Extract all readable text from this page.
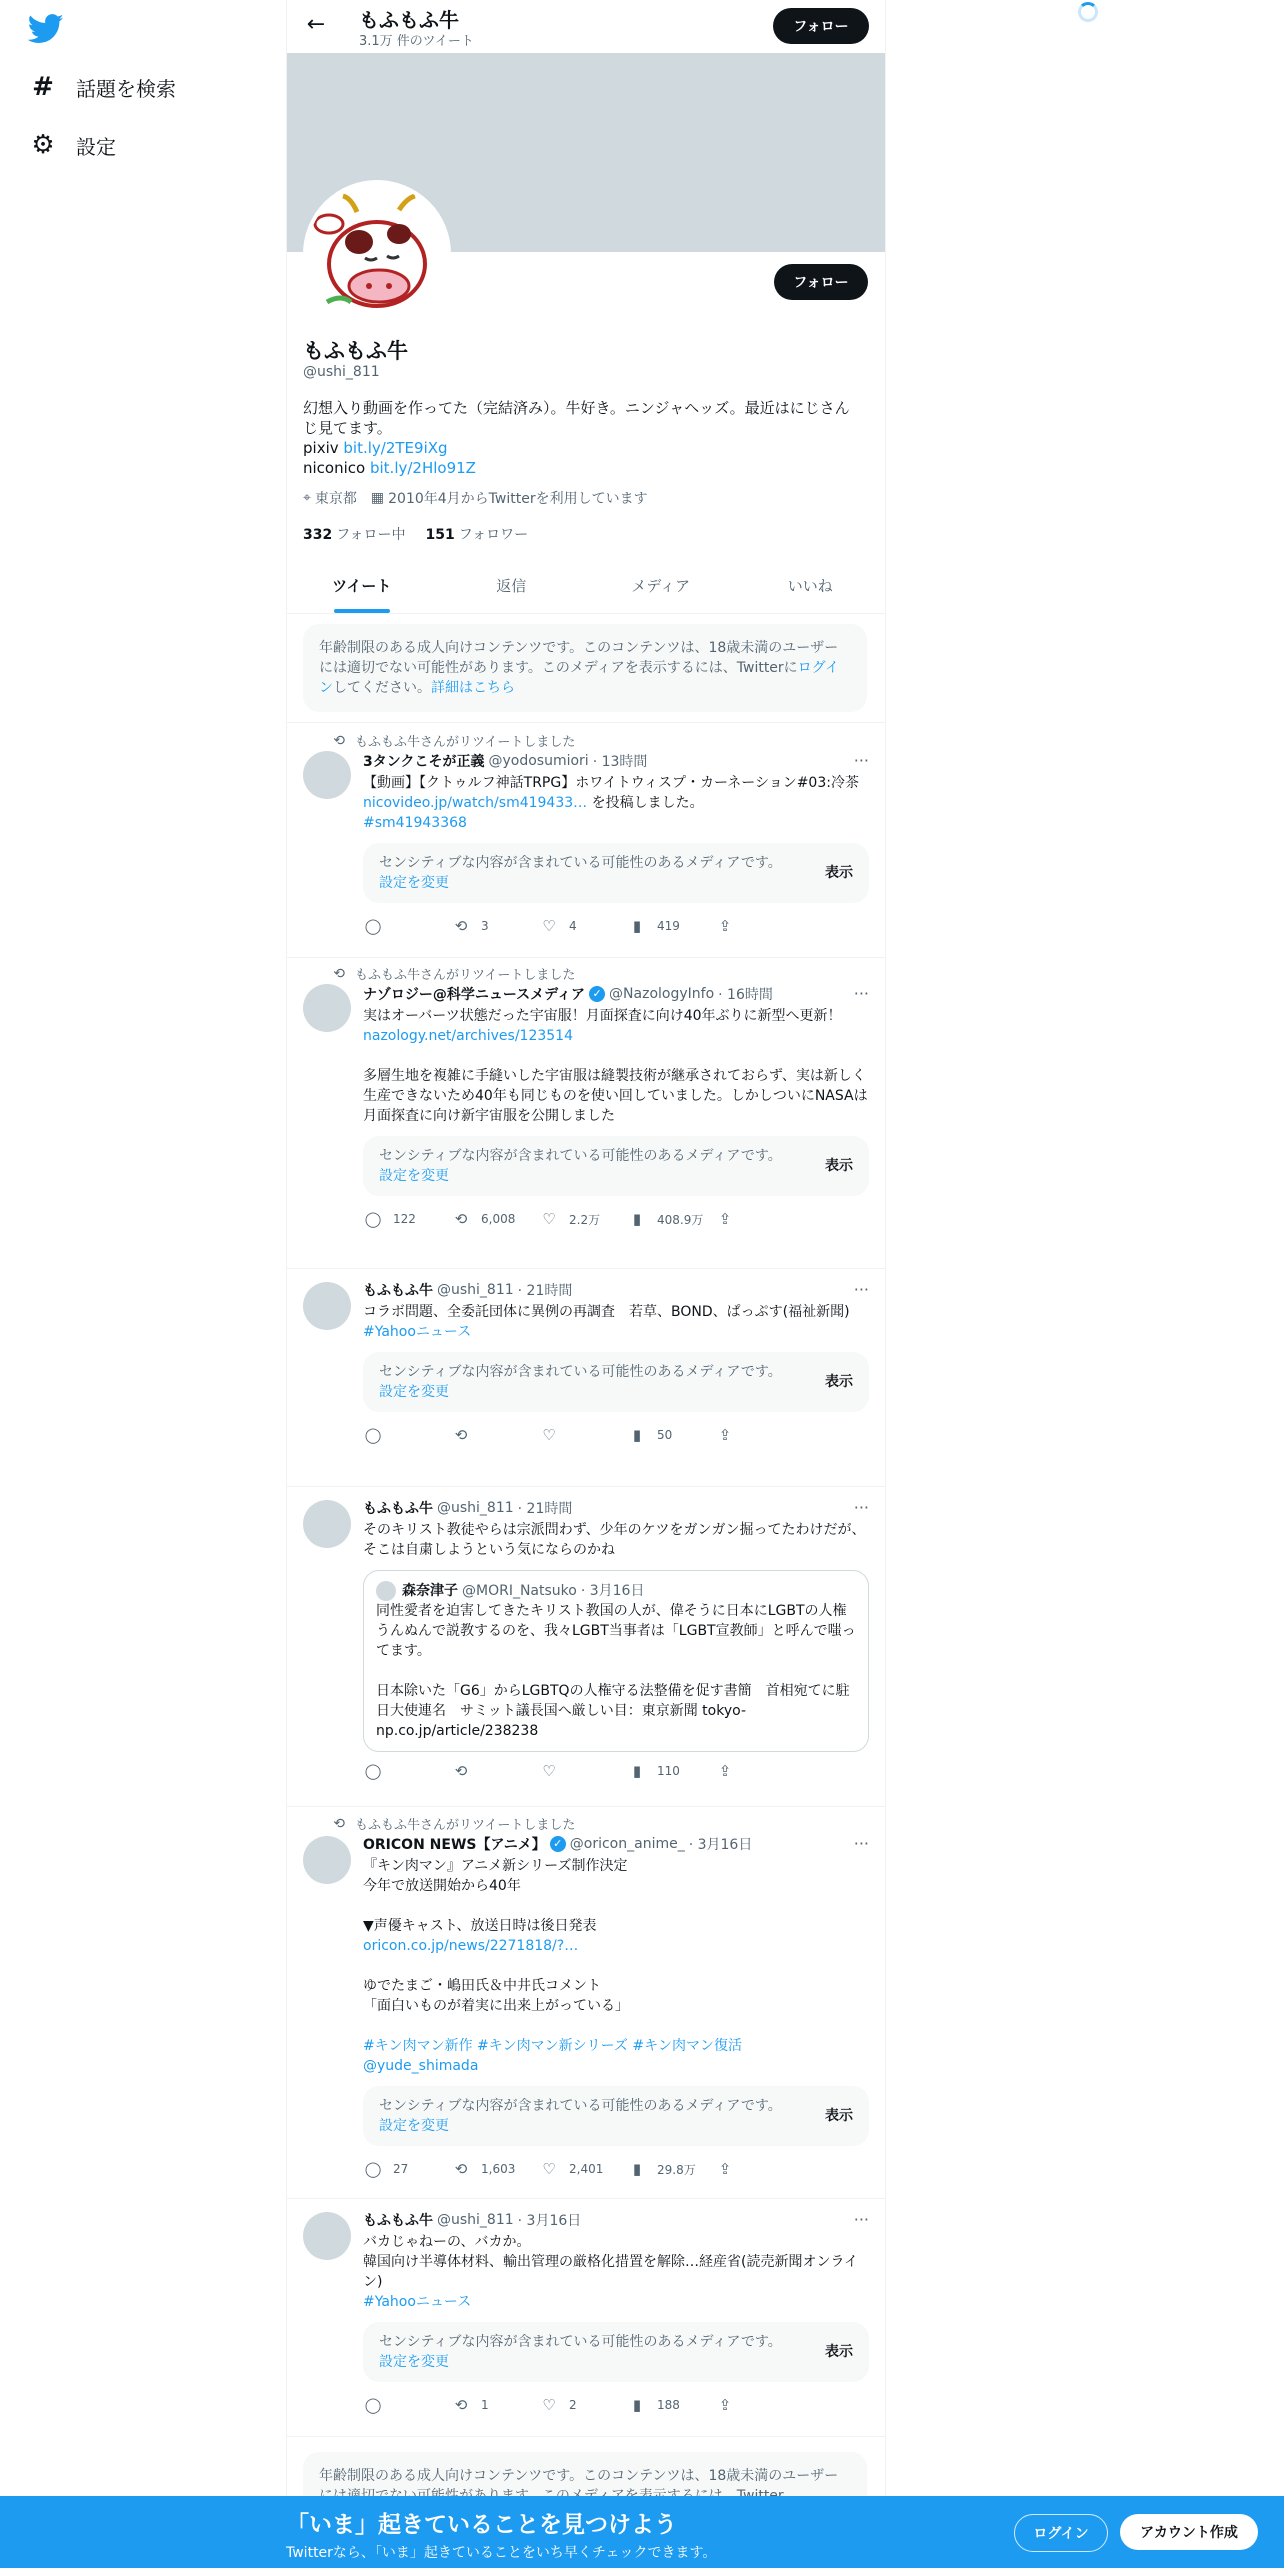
# 話題を検索
⚙ 設定
← もふもふ牛
3.1万 件のツイート
フォロー
フォロー
もふもふ牛
@ushi_811
幻想入り動画を作ってた（完結済み）。牛好き。ニンジャヘッズ。最近はにじさんじ見てます。
pixiv bit.ly/2TE9iXg
niconico bit.ly/2Hlo91Z
⌖ 東京都 ▦ 2010年4月からTwitterを利用しています
332 フォロー中 151 フォロワー
ツイート	返信	メディア	いいね
年齢制限のある成人向けコンテンツです。このコンテンツは、18歳未満のユーザーには適切でない可能性があります。このメディアを表示するには、Twitterにログインしてください。詳細はこちら
⟲ もふもふ牛さんがリツイートしました
3タンクこそが正義 @yodosumiori · 13時間	···
【動画】【クトゥルフ神話TRPG】ホワイトウィスプ・カーネーション#03:冷茶
nicovideo.jp/watch/sm419433… を投稿しました。
#sm41943368
センシティブな内容が含まれている可能性のあるメディアです。設定を変更
表示
◯	⟲	3	♡ 4	▮	419	⇪
⟲ もふもふ牛さんがリツイートしました
ナゾロジー@科学ニュースメディア ✓ @NazologyInfo · 16時間	···
実はオーバーツ状態だった宇宙服！月面探査に向け40年ぶりに新型へ更新！
nazology.net/archives/123514
多層生地を複雑に手縫いした宇宙服は縫製技術が継承されておらず、実は新しく生産できないため40年も同じものを使い回していました。しかしついにNASAは月面探査に向け新宇宙服を公開しました
センシティブな内容が含まれている可能性のあるメディアです。設定を変更
表示
◯ 122	⟲	6,008 ♡ 2.2万	▮	408.9万 ⇪
もふもふ牛 @ushi_811 · 21時間	···
コラボ問題、全委託団体に異例の再調査　若草、BOND、ぱっぷす(福祉新聞)
#Yahooニュース
センシティブな内容が含まれている可能性のあるメディアです。設定を変更
表示
◯	⟲	♡	▮	50	⇪
もふもふ牛 @ushi_811 · 21時間	···
そのキリスト教徒やらは宗派問わず、少年のケツをガンガン掘ってたわけだが、そこは自粛しようという気にならのかね
森奈津子 @MORI_Natsuko · 3月16日
同性愛者を迫害してきたキリスト教国の人が、偉そうに日本にLGBTの人権うんぬんで説教するのを、我々LGBT当事者は「LGBT宣教師」と呼んで嗤ってます。
日本除いた「G6」からLGBTQの人権守る法整備を促す書簡　首相宛てに駐日大使連名　サミット議長国へ厳しい目：東京新聞 tokyo-np.co.jp/article/238238
◯	⟲	♡	▮	110	⇪
⟲ もふもふ牛さんがリツイートしました
ORICON NEWS【アニメ】 ✓ @oricon_anime_ · 3月16日	···
『キン肉マン』アニメ新シリーズ制作決定
今年で放送開始から40年
▼声優キャスト、放送日時は後日発表
oricon.co.jp/news/2271818/?…
ゆでたまご・嶋田氏＆中井氏コメント
「面白いものが着実に出来上がっている」
#キン肉マン新作 #キン肉マン新シリーズ #キン肉マン復活
@yude_shimada
センシティブな内容が含まれている可能性のあるメディアです。設定を変更
表示
◯ 27	⟲	1,603 ♡ 2,401	▮	29.8万 ⇪
もふもふ牛 @ushi_811 · 3月16日	···
バカじゃねーの、バカか。
韓国向け半導体材料、輸出管理の厳格化措置を解除…経産省(読売新聞オンライン)
#Yahooニュース
センシティブな内容が含まれている可能性のあるメディアです。設定を変更
表示
◯	⟲	1	♡ 2	▮	188	⇪
年齢制限のある成人向けコンテンツです。このコンテンツは、18歳未満のユーザー
「いま」起きていることを見つけよう
Twitterなら、「いま」起きていることをいち早くチェックできます。
ログイン	アカウント作成
